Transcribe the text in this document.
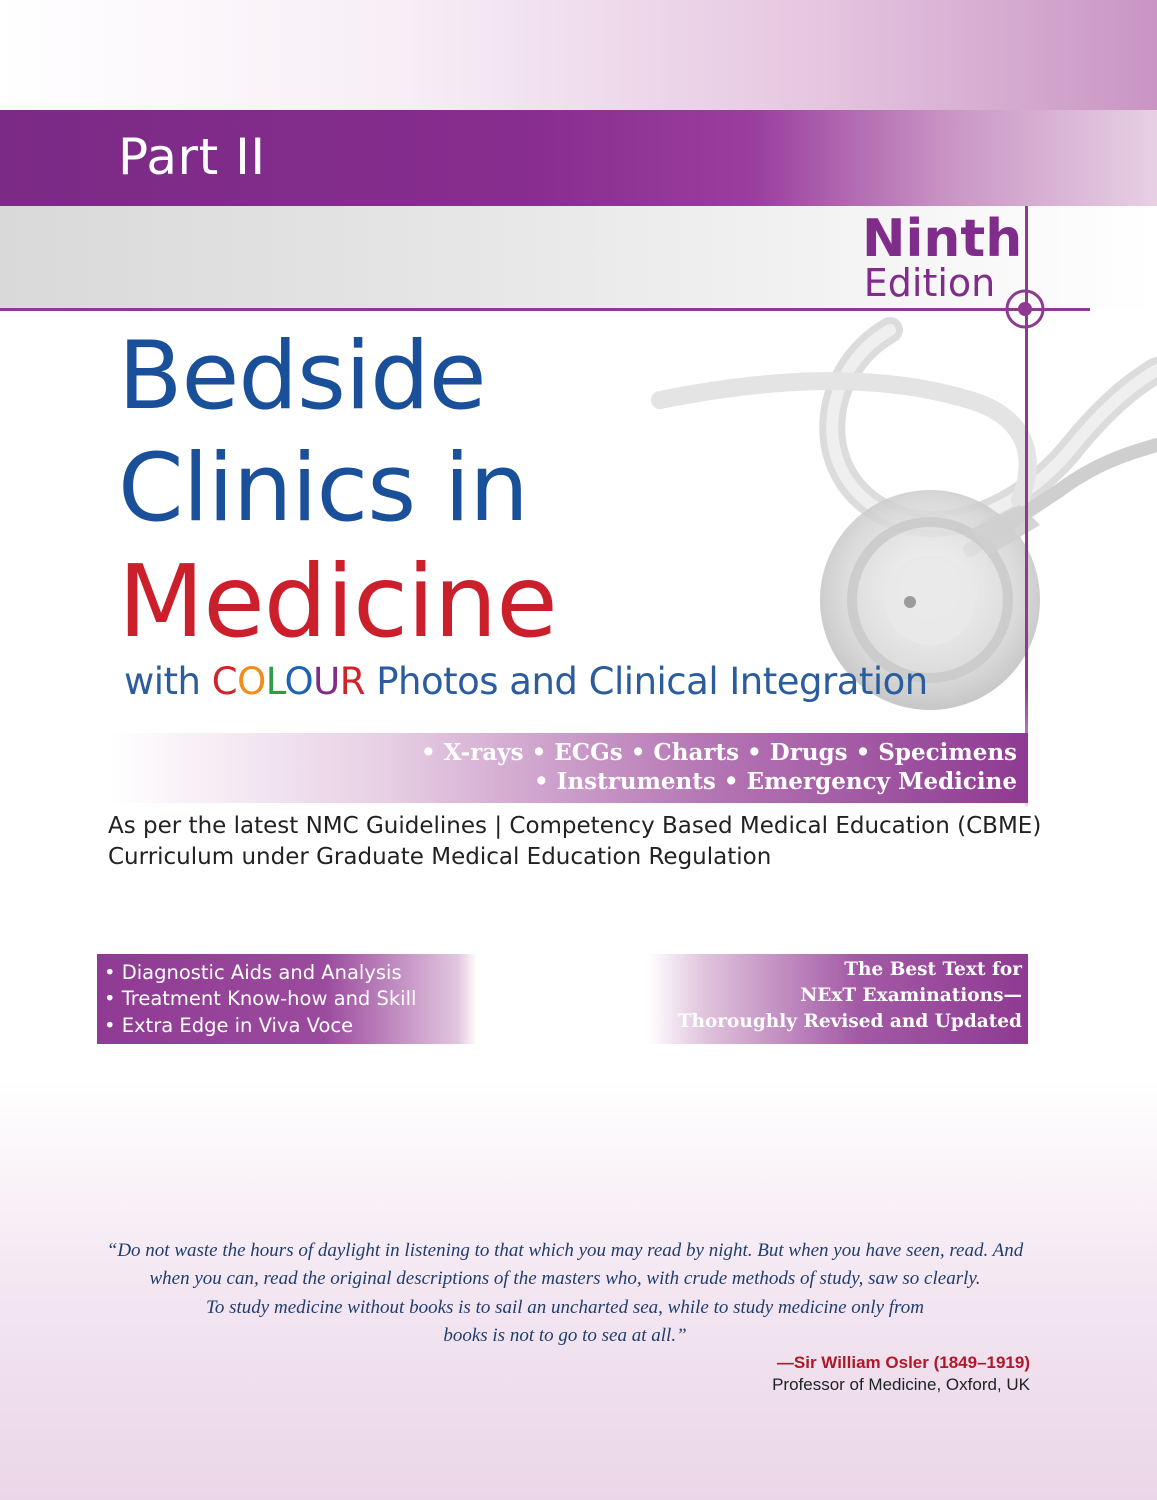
Part II
Ninth
Edition
Bedside
Clinics in
Medicine
with COLOUR Photos and Clinical Integration
• X-rays • ECGs • Charts • Drugs • Specimens
• Instruments • Emergency Medicine
As per the latest NMC Guidelines | Competency Based Medical Education (CBME)
Curriculum under Graduate Medical Education Regulation
• Diagnostic Aids and Analysis
• Treatment Know-how and Skill
• Extra Edge in Viva Voce
The Best Text for
NExT Examinations—
Thoroughly Revised and Updated
“Do not waste the hours of daylight in listening to that which you may read by night. But when you have seen, read. And
when you can, read the original descriptions of the masters who, with crude methods of study, saw so clearly.
To study medicine without books is to sail an uncharted sea, while to study medicine only from
books is not to go to sea at all.”
—Sir William Osler (1849–1919)
Professor of Medicine, Oxford, UK
